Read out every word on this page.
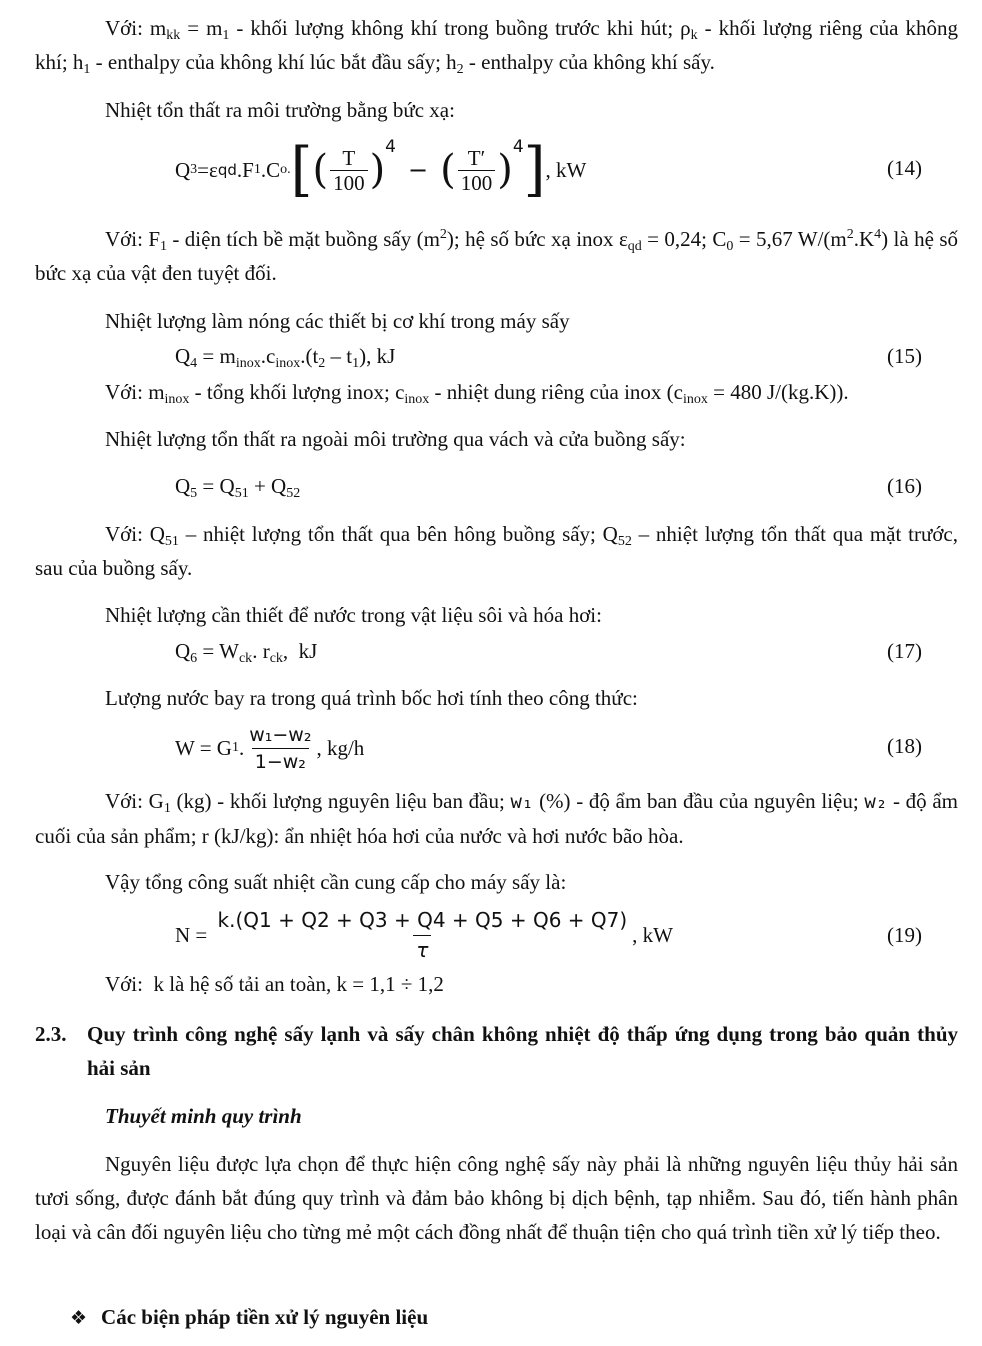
Với: $m_{kk} = m_1$ - khối lượng không khí trong buồng trước khi hút; $\rho_k$ - khối lượng riêng của không khí; $h_1$ - enthalpy của không khí lúc bắt đầu sấy; $h_2$ - enthalpy của không khí sấy.

Nhiệt tổn thất ra môi trường bằng bức xạ:
Q 3 =ε qd .F 1 .C o. [ ( $\frac{T}{100}$ ) 4
− ( $\frac{T'}{100}$ ) 4 ] , kW	(14)

Với: $F_1$ - diện tích bề mặt buồng sấy $(m^2)$; hệ số bức xạ inox $\varepsilon_{qd} = 0,24$; $C_0 = 5,67$ $W/(m^2.K^4)$ là hệ số bức xạ của vật đen tuyệt đối.

Nhiệt lượng làm nóng các thiết bị cơ khí trong máy sấy
$Q_4 = m_{inox}.c_{inox}.(t_2 - t_1)$, kJ	(15)
Với: $m_{inox}$ - tổng khối lượng inox; $c_{inox}$ - nhiệt dung riêng của inox ($c_{inox} = 480$ J/(kg.K)).
Nhiệt lượng tổn thất ra ngoài môi trường qua vách và cửa buồng sấy:
$Q_5 = Q_{51} + Q_{52}$	(16)

Với: $Q_{51}$ – nhiệt lượng tổn thất qua bên hông buồng sấy; $Q_{52}$ – nhiệt lượng tổn thất qua mặt trước, sau của buồng sấy.

Nhiệt lượng cần thiết để nước trong vật liệu sôi và hóa hơi:
$Q_6 = W_{ck}$. $r_{ck}$,  kJ	(17)
Lượng nước bay ra trong quá trình bốc hơi tính theo công thức:
W = G 1 . $\frac{\text{w₁−w₂}}{\text{1−w₂}}$ , kg/h	(18)

Với: $G_1$ (kg) - khối lượng nguyên liệu ban đầu; w₁ (%) - độ ẩm ban đầu của nguyên liệu; w₂ - độ ẩm cuối của sản phẩm; r (kJ/kg): ẩn nhiệt hóa hơi của nước và hơi nước bão hòa.

Vậy tổng công suất nhiệt cần cung cấp cho máy sấy là:
$N = \frac{k.(Q1 + Q2 + Q3 + Q4 + Q5 + Q6 + Q7)}{\tau}$ , kW	(19)
Với:  k là hệ số tải an toàn, k = 1,1 ÷ 1,2
2.3. Quy trình công nghệ sấy lạnh và sấy chân không nhiệt độ thấp ứng dụng trong bảo quản thủy hải sản
Thuyết minh quy trình

Nguyên liệu được lựa chọn để thực hiện công nghệ sấy này phải là những nguyên liệu thủy hải sản tươi sống, được đánh bắt đúng quy trình và đảm bảo không bị dịch bệnh, tạp nhiễm. Sau đó, tiến hành phân loại và cân đối nguyên liệu cho từng mẻ một cách đồng nhất để thuận tiện cho quá trình tiền xử lý tiếp theo.

❖ Các biện pháp tiền xử lý nguyên liệu
